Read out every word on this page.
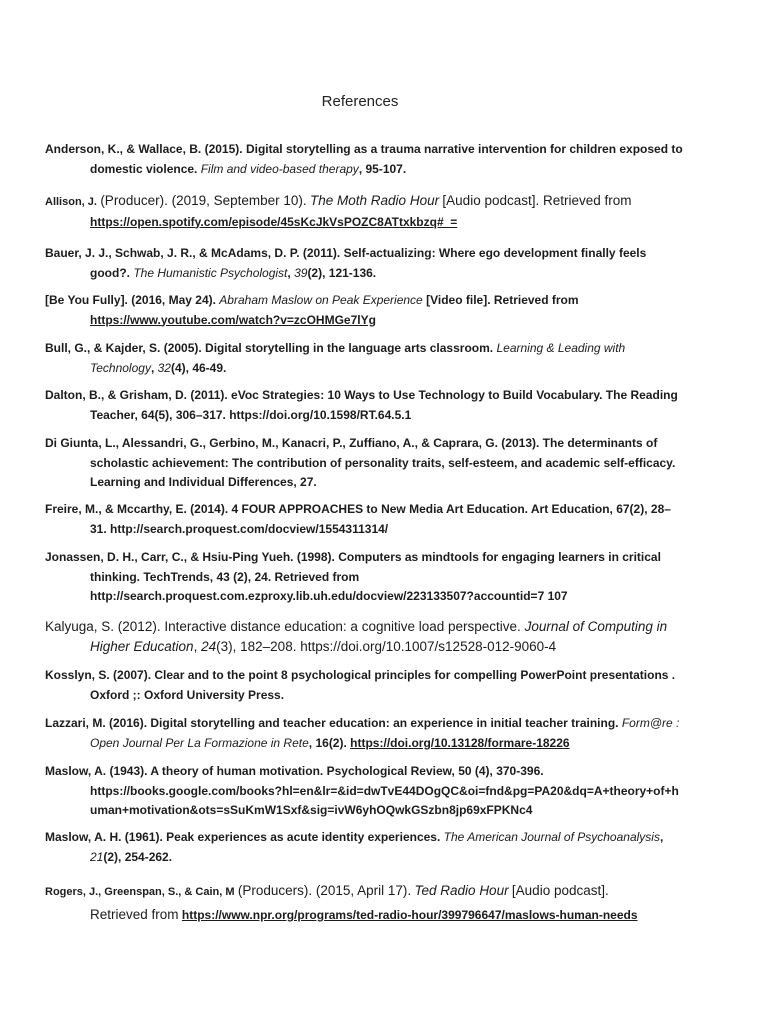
References
Anderson, K., & Wallace, B. (2015). Digital storytelling as a trauma narrative intervention for children exposed to
domestic violence. Film and video-based therapy, 95-107.
Allison, J. (Producer). (2019, September 10). The Moth Radio Hour [Audio podcast]. Retrieved from
https://open.spotify.com/episode/45sKcJkVsPOZC8ATtxkbzq#_=
Bauer, J. J., Schwab, J. R., & McAdams, D. P. (2011). Self-actualizing: Where ego development finally feels
good?. The Humanistic Psychologist, 39(2), 121-136.
[Be You Fully]. (2016, May 24). Abraham Maslow on Peak Experience [Video file]. Retrieved from
https://www.youtube.com/watch?v=zcOHMGe7lYg
Bull, G., & Kajder, S. (2005). Digital storytelling in the language arts classroom. Learning & Leading with
Technology, 32(4), 46-49.
Dalton, B., & Grisham, D. (2011). eVoc Strategies: 10 Ways to Use Technology to Build Vocabulary. The Reading
Teacher, 64(5), 306–317. https://doi.org/10.1598/RT.64.5.1
Di Giunta, L., Alessandri, G., Gerbino, M., Kanacri, P., Zuffiano, A., & Caprara, G. (2013). The determinants of
scholastic achievement: The contribution of personality traits, self-esteem, and academic self-efficacy.
Learning and Individual Differences, 27.
Freire, M., & Mccarthy, E. (2014). 4 FOUR APPROACHES to New Media Art Education. Art Education, 67(2), 28–
31. http://search.proquest.com/docview/1554311314/
Jonassen, D. H., Carr, C., & Hsiu-Ping Yueh. (1998). Computers as mindtools for engaging learners in critical
thinking. TechTrends, 43 (2), 24. Retrieved from
http://search.proquest.com.ezproxy.lib.uh.edu/docview/223133507?accountid=7 107
Kalyuga, S. (2012). Interactive distance education: a cognitive load perspective. Journal of Computing in
Higher Education, 24(3), 182–208. https://doi.org/10.1007/s12528-012-9060-4
Kosslyn, S. (2007). Clear and to the point 8 psychological principles for compelling PowerPoint presentations .
Oxford ;: Oxford University Press.
Lazzari, M. (2016). Digital storytelling and teacher education: an experience in initial teacher training. Form@re :
Open Journal Per La Formazione in Rete, 16(2). https://doi.org/10.13128/formare-18226
Maslow, A. (1943). A theory of human motivation. Psychological Review, 50 (4), 370-396.
https://books.google.com/books?hl=en&lr=&id=dwTvE44DOgQC&oi=fnd&pg=PA20&dq=A+theory+of+h
uman+motivation&ots=sSuKmW1Sxf&sig=ivW6yhOQwkGSzbn8jp69xFPKNc4
Maslow, A. H. (1961). Peak experiences as acute identity experiences. The American Journal of Psychoanalysis,
21(2), 254-262.
Rogers, J., Greenspan, S., & Cain, M (Producers). (2015, April 17). Ted Radio Hour [Audio podcast].
Retrieved from https://www.npr.org/programs/ted-radio-hour/399796647/maslows-human-needs
